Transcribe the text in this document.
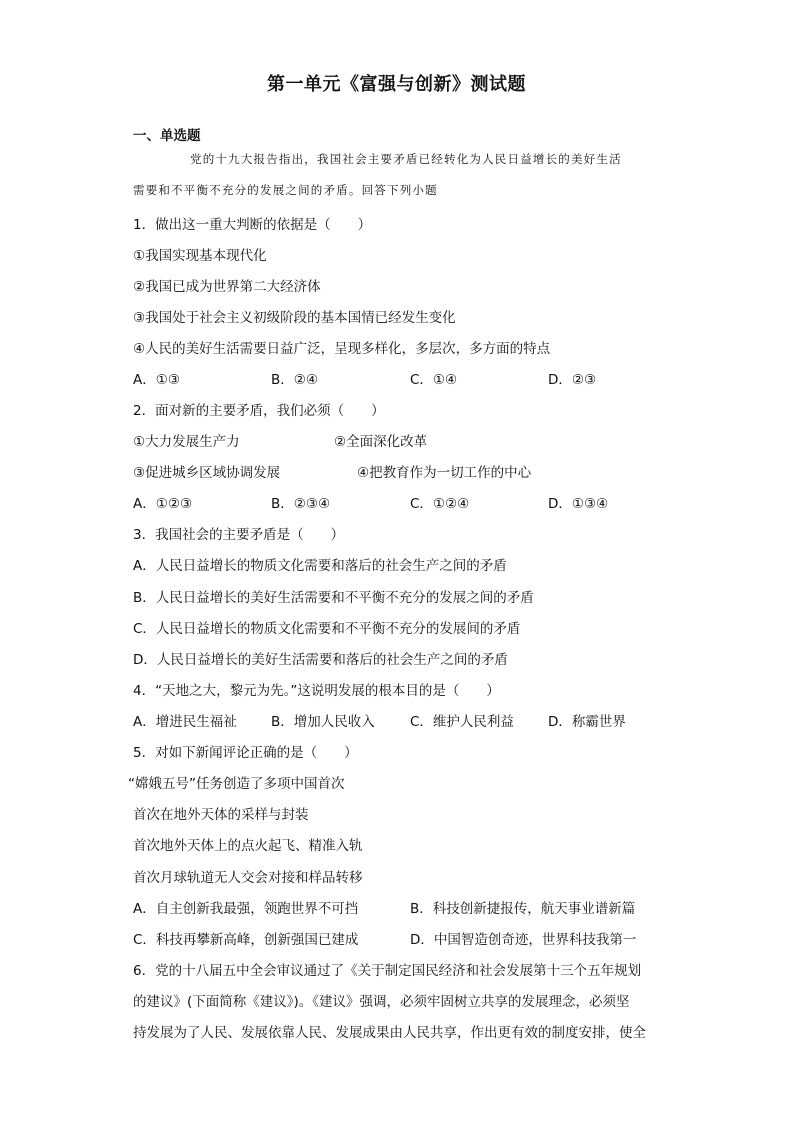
第一单元《富强与创新》测试题
一、单选题
党的十九大报告指出，我国社会主要矛盾已经转化为人民日益增长的美好生活
需要和不平衡不充分的发展之间的矛盾。回答下列小题
1．做出这一重大判断的依据是（　　）
①我国实现基本现代化
②我国已成为世界第二大经济体
③我国处于社会主义初级阶段的基本国情已经发生变化
④人民的美好生活需要日益广泛，呈现多样化，多层次，多方面的特点
A．①③	B．②④	C．①④	D．②③
2．面对新的主要矛盾，我们必须（　　）
①大力发展生产力	②全面深化改革
③促进城乡区域协调发展	④把教育作为一切工作的中心
A．①②③	B．②③④	C．①②④	D．①③④
3．我国社会的主要矛盾是（　　）
A．人民日益增长的物质文化需要和落后的社会生产之间的矛盾
B．人民日益增长的美好生活需要和不平衡不充分的发展之间的矛盾
C．人民日益增长的物质文化需要和不平衡不充分的发展间的矛盾
D．人民日益增长的美好生活需要和落后的社会生产之间的矛盾
4．“天地之大，黎元为先。”这说明发展的根本目的是（　　）
A．增进民生福祉	B．增加人民收入	C．维护人民利益	D．称霸世界
5．对如下新闻评论正确的是（　　）
“嫦娥五号”任务创造了多项中国首次
首次在地外天体的采样与封装
首次地外天体上的点火起飞、精准入轨
首次月球轨道无人交会对接和样品转移
A．自主创新我最强，领跑世界不可挡	B．科技创新捷报传，航天事业谱新篇
C．科技再攀新高峰，创新强国已建成	D．中国智造创奇迹，世界科技我第一
6．党的十八届五中全会审议通过了《关于制定国民经济和社会发展第十三个五年规划
的建议》(下面简称《建议》)。《建议》强调，必须牢固树立共享的发展理念，必须坚
持发展为了人民、发展依靠人民、发展成果由人民共享，作出更有效的制度安排，使全
